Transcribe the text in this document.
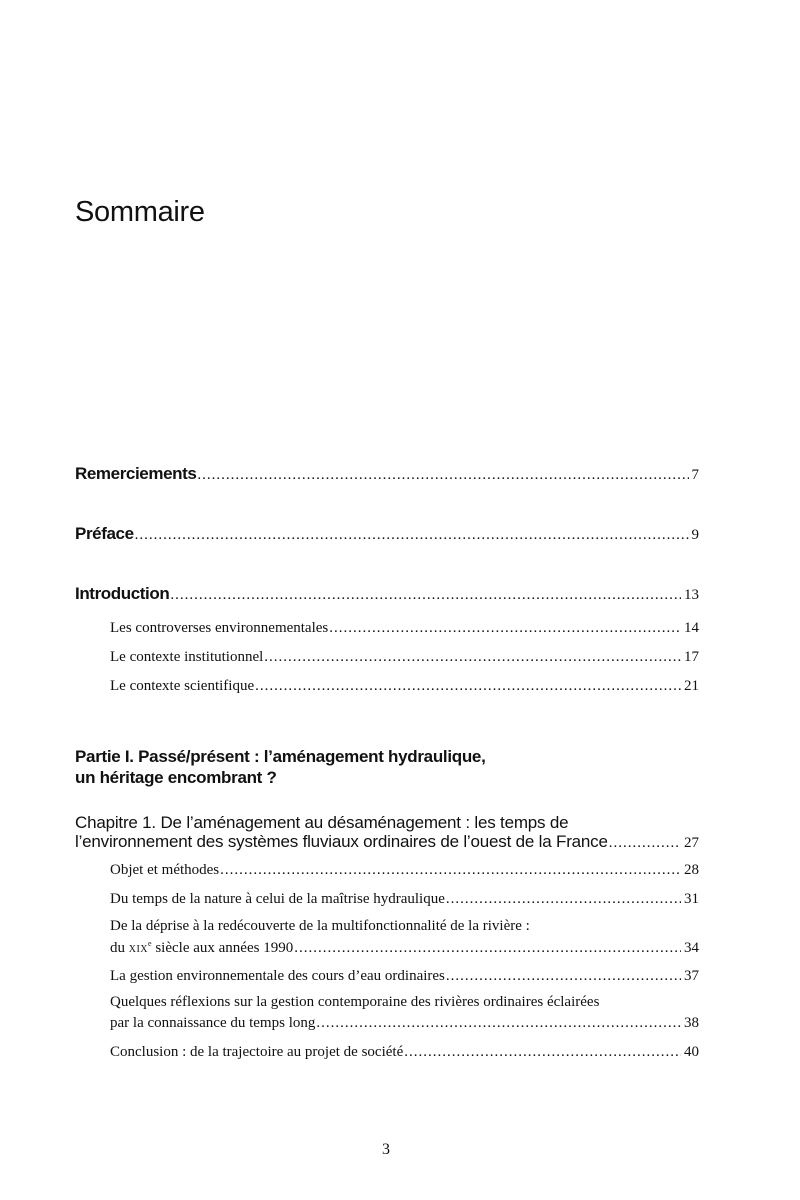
Sommaire
Remerciements .....	7
Préface .....	9
Introduction .....	13
Les controverses environnementales .....	14
Le contexte institutionnel .....	17
Le contexte scientifique .....	21
Partie I. Passé/présent : l’aménagement hydraulique,
un héritage encombrant ?
Chapitre 1. De l’aménagement au désaménagement : les temps de
l’environnement des systèmes fluviaux ordinaires de l’ouest de la France .....	27
Objet et méthodes .....	28
Du temps de la nature à celui de la maîtrise hydraulique .....	31
De la déprise à la redécouverte de la multifonctionnalité de la rivière :
du XIXe siècle aux années 1990 .....	34
La gestion environnementale des cours d’eau ordinaires .....	37
Quelques réflexions sur la gestion contemporaine des rivières ordinaires éclairées
par la connaissance du temps long .....	38
Conclusion : de la trajectoire au projet de société .....	40
3
